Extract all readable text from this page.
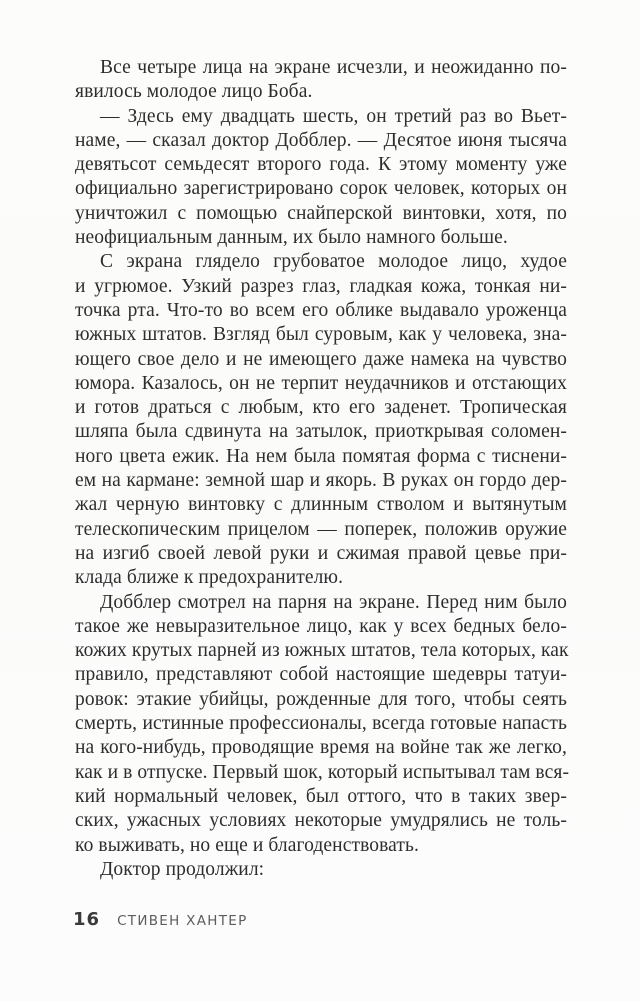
Все четыре лица на экране исчезли, и неожиданно по-
явилось молодое лицо Боба.
— Здесь ему двадцать шесть, он третий раз во Вьет-
наме, — сказал доктор Добблер. — Десятое июня тысяча
девятьсот семьдесят второго года. К этому моменту уже
официально зарегистрировано сорок человек, которых он
уничтожил с помощью снайперской винтовки, хотя, по
неофициальным данным, их было намного больше.
С экрана глядело грубоватое молодое лицо, худое
и угрюмое. Узкий разрез глаз, гладкая кожа, тонкая ни-
точка рта. Что-то во всем его облике выдавало уроженца
южных штатов. Взгляд был суровым, как у человека, зна-
ющего свое дело и не имеющего даже намека на чувство
юмора. Казалось, он не терпит неудачников и отстающих
и готов драться с любым, кто его заденет. Тропическая
шляпа была сдвинута на затылок, приоткрывая соломен-
ного цвета ежик. На нем была помятая форма с тиснени-
ем на кармане: земной шар и якорь. В руках он гордо дер-
жал черную винтовку с длинным стволом и вытянутым
телескопическим прицелом — поперек, положив оружие
на изгиб своей левой руки и сжимая правой цевье при-
клада ближе к предохранителю.
Добблер смотрел на парня на экране. Перед ним было
такое же невыразительное лицо, как у всех бедных бело-
кожих крутых парней из южных штатов, тела которых, как
правило, представляют собой настоящие шедевры татуи-
ровок: этакие убийцы, рожденные для того, чтобы сеять
смерть, истинные профессионалы, всегда готовые напасть
на кого-нибудь, проводящие время на войне так же легко,
как и в отпуске. Первый шок, который испытывал там вся-
кий нормальный человек, был оттого, что в таких звер-
ских, ужасных условиях некоторые умудрялись не толь-
ко выживать, но еще и благоденствовать.
Доктор продолжил:
16 СТИВЕН ХАНТЕР
